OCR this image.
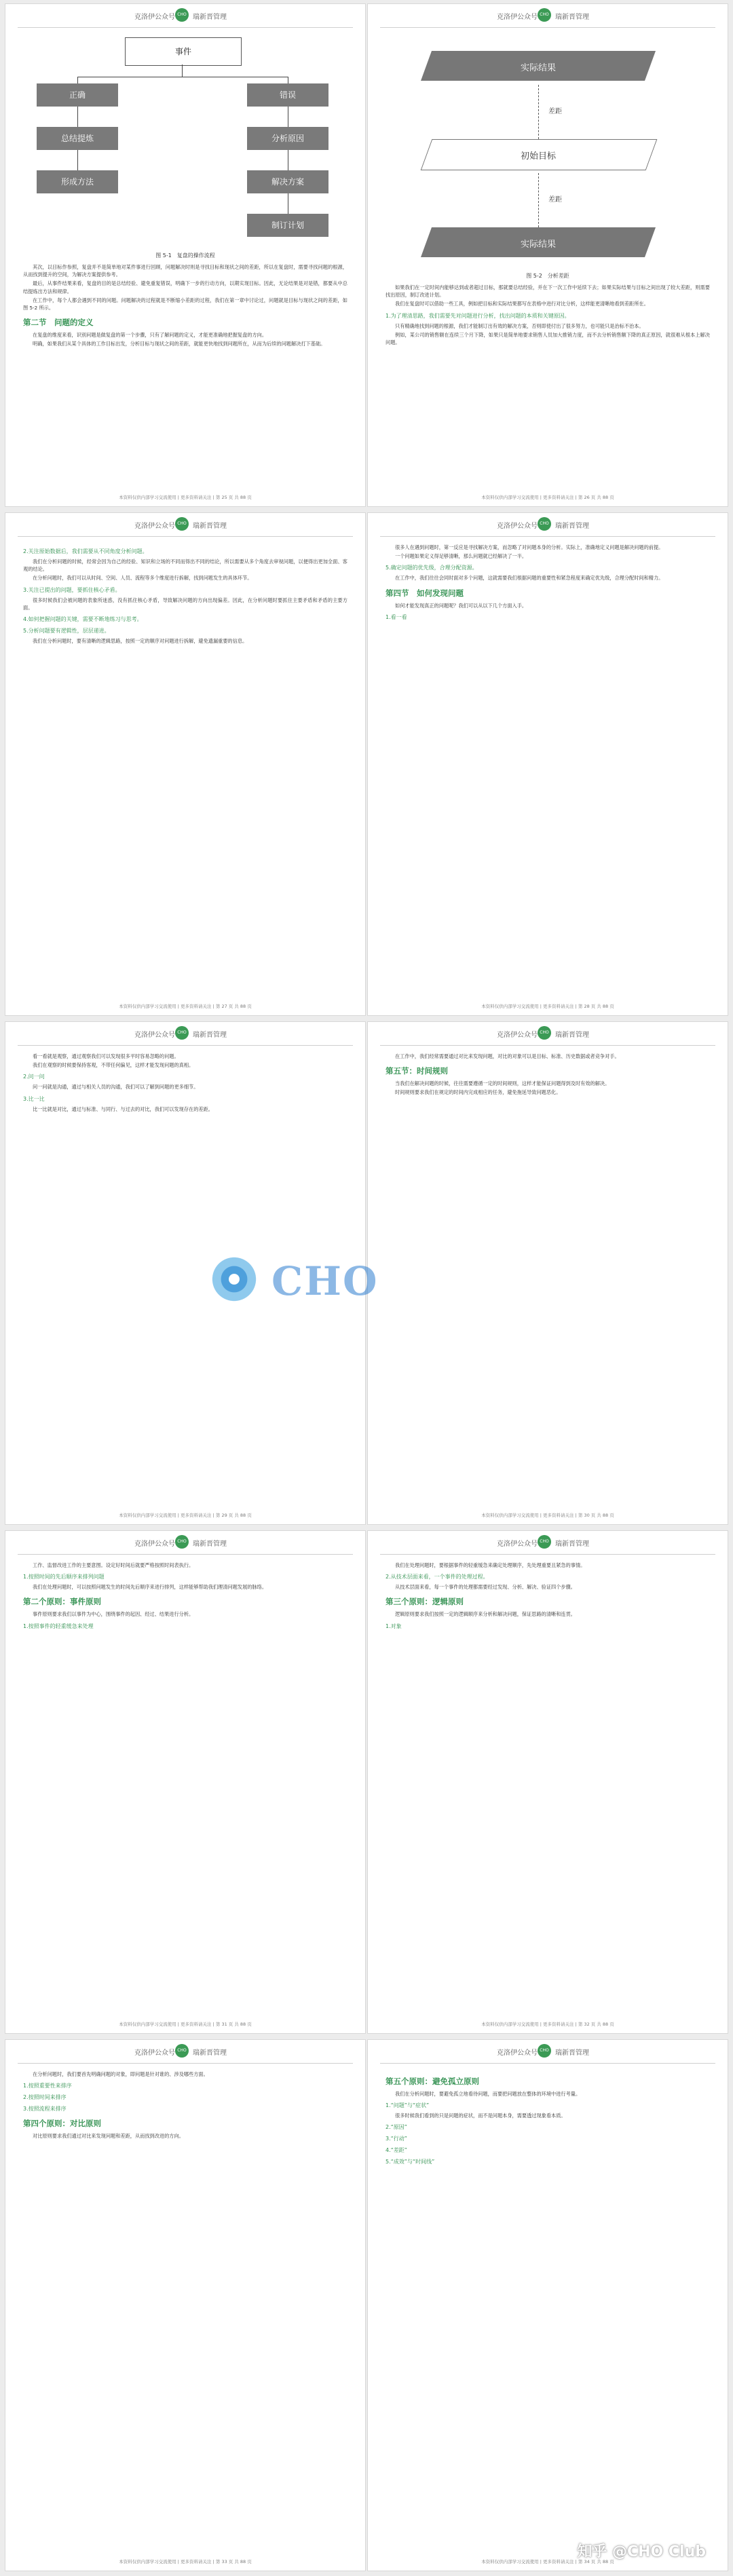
克洛伊公众号 CHO 瑞新晋管理
事件
正确
总结提炼
形成方法
错误
分析原因
解决方案
制订计划
图 5-1　复盘的操作流程

其次，以目标作参照，复盘并不是简单地对某件事进行回顾，问题解决时则是寻找目标和现状之间的差距，所以在复盘时，需要寻找问题的根源，从而找到提升的空间，为解决方案提供参考。

最后，从事件结果来看，复盘的目的是总结经验、避免重复错误，明确下一步的行动方向，以期实现目标。因此，无论结果是对是错，都要从中总结提炼出方法和规律。

在工作中，每个人都会遇到不同的问题。问题解决的过程就是不断缩小差距的过程，我们在第一章中讨论过，问题就是目标与现状之间的差距，如图 5-2 所示。

第二节　问题的定义

在复盘的维度来看，识别问题是做复盘的第一个步骤，只有了解问题的定义，才能更准确地把握复盘的方向。

明确，如果我们从某个具体的工作目标出发，分析目标与现状之间的差距，就能更快地找到问题所在，从而为后续的问题解决打下基础。

本资料仅供内部学习交流使用 | 更多资料请关注 | 第 25 页 共 88 页
克洛伊公众号 CHO 瑞新晋管理
实际结果
差距
初始目标
差距
实际结果
图 5-2　分析差距

如果我们在一定时间内能够达到或者超过目标，那就要总结经验，并在下一次工作中延续下去；如果实际结果与目标之间出现了较大差距，则需要找出原因，制订改进计划。

我们在复盘时可以借助一些工具，例如把目标和实际结果都写在表格中进行对比分析，这样能更清晰地看到差距所在。

1.为了理清思路，我们需要先对问题进行分析，找出问题的本质和关键原因。

只有精确地找到问题的根源，我们才能制订出有效的解决方案，否则即使付出了很多努力，也可能只是治标不治本。

例如，某公司的销售额在连续三个月下降，如果只是简单地要求销售人员加大推销力度，而不去分析销售额下降的真正原因，就很难从根本上解决问题。

本资料仅供内部学习交流使用 | 更多资料请关注 | 第 26 页 共 88 页
克洛伊公众号 CHO 瑞新晋管理
2.关注原始数据后，我们需要从不同角度分析问题。

我们在分析问题的时候，经常会因为自己的经验、知识和立场的不同而得出不同的结论，所以需要从多个角度去审视问题，以便得出更加全面、客观的结论。

在分析问题时，我们可以从时间、空间、人员、流程等多个维度进行拆解，找到问题发生的具体环节。

3.关注已提出的问题，要抓住核心矛盾。

很多时候我们会被问题的表象所迷惑，没有抓住核心矛盾，导致解决问题的方向出现偏差。因此，在分析问题时要抓住主要矛盾和矛盾的主要方面。

4.如何把握问题的关键，需要不断地练习与思考。
5.分析问题要有逻辑性，层层递进。

我们在分析问题时，要有清晰的逻辑思路，按照一定的顺序对问题进行拆解，避免遗漏重要的信息。

本资料仅供内部学习交流使用 | 更多资料请关注 | 第 27 页 共 88 页
克洛伊公众号 CHO 瑞新晋管理

很多人在遇到问题时，第一反应是寻找解决方案，而忽略了对问题本身的分析。实际上，准确地定义问题是解决问题的前提。

一个问题如果定义得足够清晰，那么问题就已经解决了一半。

5.确定问题的优先级，合理分配资源。

在工作中，我们往往会同时面对多个问题，这就需要我们根据问题的重要性和紧急程度来确定优先级，合理分配时间和精力。

第四节　如何发现问题

如何才能发现真正的问题呢？我们可以从以下几个方面入手。

1.看一看
本资料仅供内部学习交流使用 | 更多资料请关注 | 第 28 页 共 88 页
克洛伊公众号 CHO 瑞新晋管理

看一看就是观察，通过观察我们可以发现很多平时容易忽略的问题。

我们在观察的时候要保持客观，不带任何偏见，这样才能发现问题的真相。

2.问一问

问一问就是沟通，通过与相关人员的沟通，我们可以了解到问题的更多细节。

3.比一比

比一比就是对比，通过与标准、与同行、与过去的对比，我们可以发现存在的差距。

本资料仅供内部学习交流使用 | 更多资料请关注 | 第 29 页 共 88 页
克洛伊公众号 CHO 瑞新晋管理

在工作中，我们经常需要通过对比来发现问题，对比的对象可以是目标、标准、历史数据或者竞争对手。

第五节：时间规则

当我们在解决问题的时候，往往需要遵循一定的时间规则，这样才能保证问题得到及时有效的解决。

时间规则要求我们在规定的时间内完成相应的任务，避免拖延导致问题恶化。

本资料仅供内部学习交流使用 | 更多资料请关注 | 第 30 页 共 88 页
克洛伊公众号 CHO 瑞新晋管理

工作、监督改进工作的主要意图。设定好时间后就要严格按照时间表执行。

1.按照时间的先后顺序来排列问题

我们在处理问题时，可以按照问题发生的时间先后顺序来进行排列，这样能够帮助我们理清问题发展的脉络。

第二个原则：事件原则

事件原则要求我们以事件为中心，围绕事件的起因、经过、结果进行分析。

1.按照事件的轻重缓急来处理
本资料仅供内部学习交流使用 | 更多资料请关注 | 第 31 页 共 88 页
克洛伊公众号 CHO 瑞新晋管理

我们在处理问题时，要根据事件的轻重缓急来确定处理顺序，先处理重要且紧急的事情。

2.从技术层面来看，一个事件的处理过程。

从技术层面来看，每一个事件的处理都需要经过发现、分析、解决、验证四个步骤。

第三个原则：逻辑原则

逻辑原则要求我们按照一定的逻辑顺序来分析和解决问题，保证思路的清晰和连贯。

1.对象
本资料仅供内部学习交流使用 | 更多资料请关注 | 第 32 页 共 88 页
克洛伊公众号 CHO 瑞新晋管理

在分析问题时，我们要首先明确问题的对象，即问题是针对谁的、涉及哪些方面。

1.按照重要性来排序
2.按照时间来排序
3.按照流程来排序
第四个原则：对比原则

对比原则要求我们通过对比来发现问题和差距，从而找到改进的方向。

本资料仅供内部学习交流使用 | 更多资料请关注 | 第 33 页 共 88 页
克洛伊公众号 CHO 瑞新晋管理
第五个原则：避免孤立原则

我们在分析问题时，要避免孤立地看待问题，而要把问题放在整体的环境中进行考量。

1.“问题”与“症状”

很多时候我们看到的只是问题的症状，而不是问题本身，需要透过现象看本质。

2.“原因”
3.“行动”
4.“差距”
5.“成效”与“时间线”
本资料仅供内部学习交流使用 | 更多资料请关注 | 第 34 页 共 88 页
CHO
知乎 @CHO Club
